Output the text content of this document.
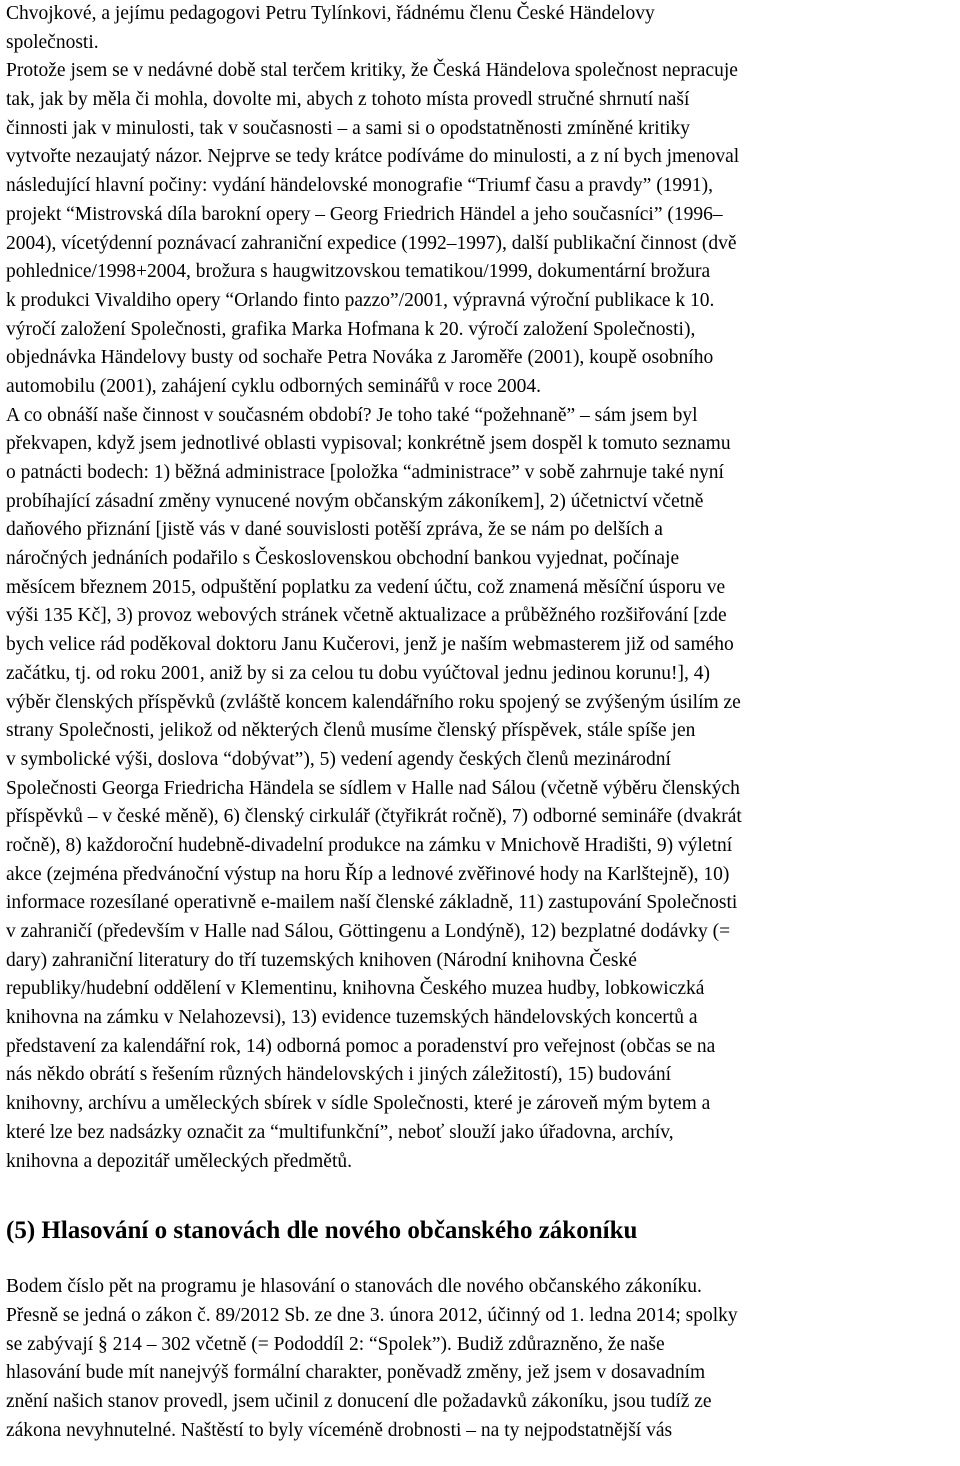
Chvojkové, a jejímu pedagogovi Petru Tylínkovi, řádnému členu České Händelovy
společnosti.
Protože jsem se v nedávné době stal terčem kritiky, že Česká Händelova společnost nepracuje
tak, jak by měla či mohla, dovolte mi, abych z tohoto místa provedl stručné shrnutí naší
činnosti jak v minulosti, tak v současnosti – a sami si o opodstatněnosti zmíněné kritiky
vytvořte nezaujatý názor. Nejprve se tedy krátce podíváme do minulosti, a z ní bych jmenoval
následující hlavní počiny: vydání händelovské monografie “Triumf času a pravdy” (1991),
projekt “Mistrovská díla barokní opery – Georg Friedrich Händel a jeho současníci” (1996–
2004), vícetýdenní poznávací zahraniční expedice (1992–1997), další publikační činnost (dvě
pohlednice/1998+2004, brožura s haugwitzovskou tematikou/1999, dokumentární brožura
k produkci Vivaldiho opery “Orlando finto pazzo”/2001, výpravná výroční publikace k 10.
výročí založení Společnosti, grafika Marka Hofmana k 20. výročí založení Společnosti),
objednávka Händelovy busty od sochaře Petra Nováka z Jaroměře (2001), koupě osobního
automobilu (2001), zahájení cyklu odborných seminářů v roce 2004.
A co obnáší naše činnost v současném období? Je toho také “požehnaně” – sám jsem byl
překvapen, když jsem jednotlivé oblasti vypisoval; konkrétně jsem dospěl k tomuto seznamu
o patnácti bodech: 1) běžná administrace [položka “administrace” v sobě zahrnuje také nyní
probíhající zásadní změny vynucené novým občanským zákoníkem], 2) účetnictví včetně
daňového přiznání [jistě vás v dané souvislosti potěší zpráva, že se nám po delších a
náročných jednáních podařilo s Československou obchodní bankou vyjednat, počínaje
měsícem březnem 2015, odpuštění poplatku za vedení účtu, což znamená měsíční úsporu ve
výši 135 Kč], 3) provoz webových stránek včetně aktualizace a průběžného rozšiřování [zde
bych velice rád poděkoval doktoru Janu Kučerovi, jenž je naším webmasterem již od samého
začátku, tj. od roku 2001, aniž by si za celou tu dobu vyúčtoval jednu jedinou korunu!], 4)
výběr členských příspěvků (zvláště koncem kalendářního roku spojený se zvýšeným úsilím ze
strany Společnosti, jelikož od některých členů musíme členský příspěvek, stále spíše jen
v symbolické výši, doslova “dobývat”), 5) vedení agendy českých členů mezinárodní
Společnosti Georga Friedricha Händela se sídlem v Halle nad Sálou (včetně výběru členských
příspěvků – v české měně), 6) členský cirkulář (čtyřikrát ročně), 7) odborné semináře (dvakrát
ročně), 8) každoroční hudebně-divadelní produkce na zámku v Mnichově Hradišti, 9) výletní
akce (zejména předvánoční výstup na horu Říp a lednové zvěřinové hody na Karlštejně), 10)
informace rozesílané operativně e-mailem naší členské základně, 11) zastupování Společnosti
v zahraničí (především v Halle nad Sálou, Göttingenu a Londýně), 12) bezplatné dodávky (=
dary) zahraniční literatury do tří tuzemských knihoven (Národní knihovna České
republiky/hudební oddělení v Klementinu, knihovna Českého muzea hudby, lobkowiczká
knihovna na zámku v Nelahozevsi), 13) evidence tuzemských händelovských koncertů a
představení za kalendářní rok, 14) odborná pomoc a poradenství pro veřejnost (občas se na
nás někdo obrátí s řešením různých händelovských i jiných záležitostí), 15) budování
knihovny, archívu a uměleckých sbírek v sídle Společnosti, které je zároveň mým bytem a
které lze bez nadsázky označit za “multifunkční”, neboť slouží jako úřadovna, archív,
knihovna a depozitář uměleckých předmětů.
(5) Hlasování o stanovách dle nového občanského zákoníku
Bodem číslo pět na programu je hlasování o stanovách dle nového občanského zákoníku.
Přesně se jedná o zákon č. 89/2012 Sb. ze dne 3. února 2012, účinný od 1. ledna 2014; spolky
se zabývají § 214 – 302 včetně (= Pododdíl 2: “Spolek”). Budiž zdůrazněno, že naše
hlasování bude mít nanejvýš formální charakter, poněvadž změny, jež jsem v dosavadním
znění našich stanov provedl, jsem učinil z donucení dle požadavků zákoníku, jsou tudíž ze
zákona nevyhnutelné. Naštěstí to byly víceméně drobnosti – na ty nejpodstatnější vás
